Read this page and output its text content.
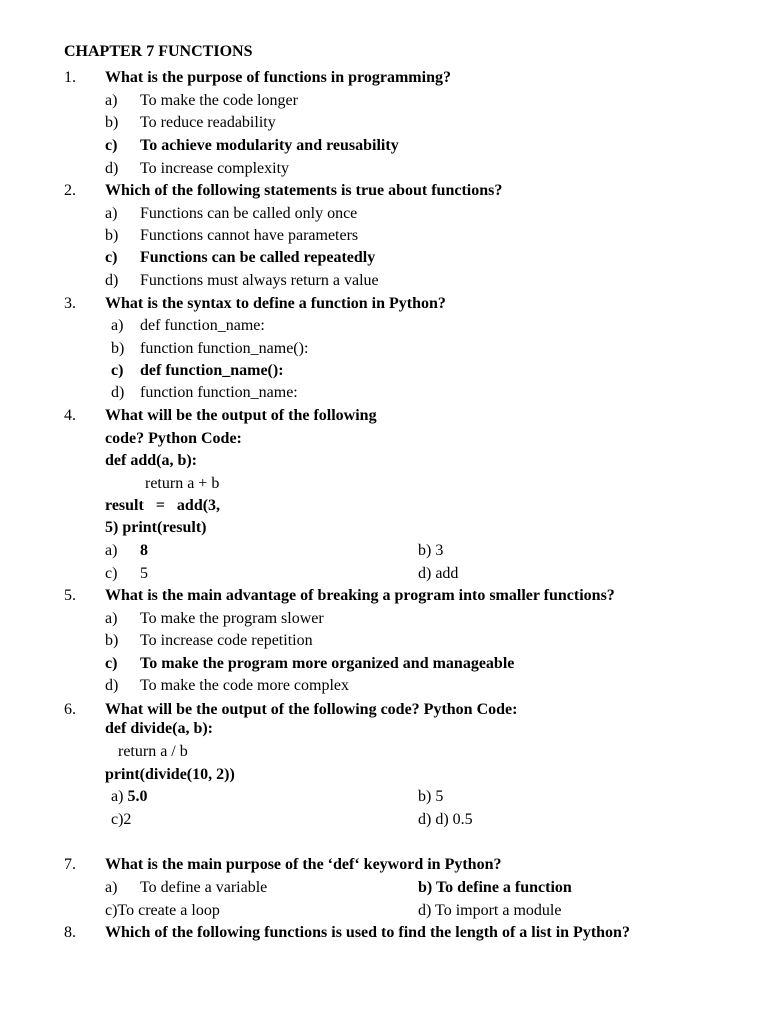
CHAPTER 7 FUNCTIONS
1. What is the purpose of functions in programming?
a) To make the code longer
b) To reduce readability
c) To achieve modularity and reusability
d) To increase complexity
2. Which of the following statements is true about functions?
a) Functions can be called only once
b) Functions cannot have parameters
c) Functions can be called repeatedly
d) Functions must always return a value
3. What is the syntax to define a function in Python?
a) def function_name:
b) function function_name():
c) def function_name():
d) function function_name:
4. What will be the output of the following
code? Python Code:
def add(a, b):
return a + b
result   =   add(3,
5) print(result)
a) 8	b) 3
c) 5	d) add
5. What is the main advantage of breaking a program into smaller functions?
a) To make the program slower
b) To increase code repetition
c) To make the program more organized and manageable
d) To make the code more complex
6. What will be the output of the following code? Python Code:
def divide(a, b):
return a / b
print(divide(10, 2))
a) 5.0	b) 5
c)2	d) d) 0.5
7. What is the main purpose of the ‘def‘ keyword in Python?
a) To define a variable	b) To define a function
c)To create a loop	d) To import a module
8. Which of the following functions is used to find the length of a list in Python?
